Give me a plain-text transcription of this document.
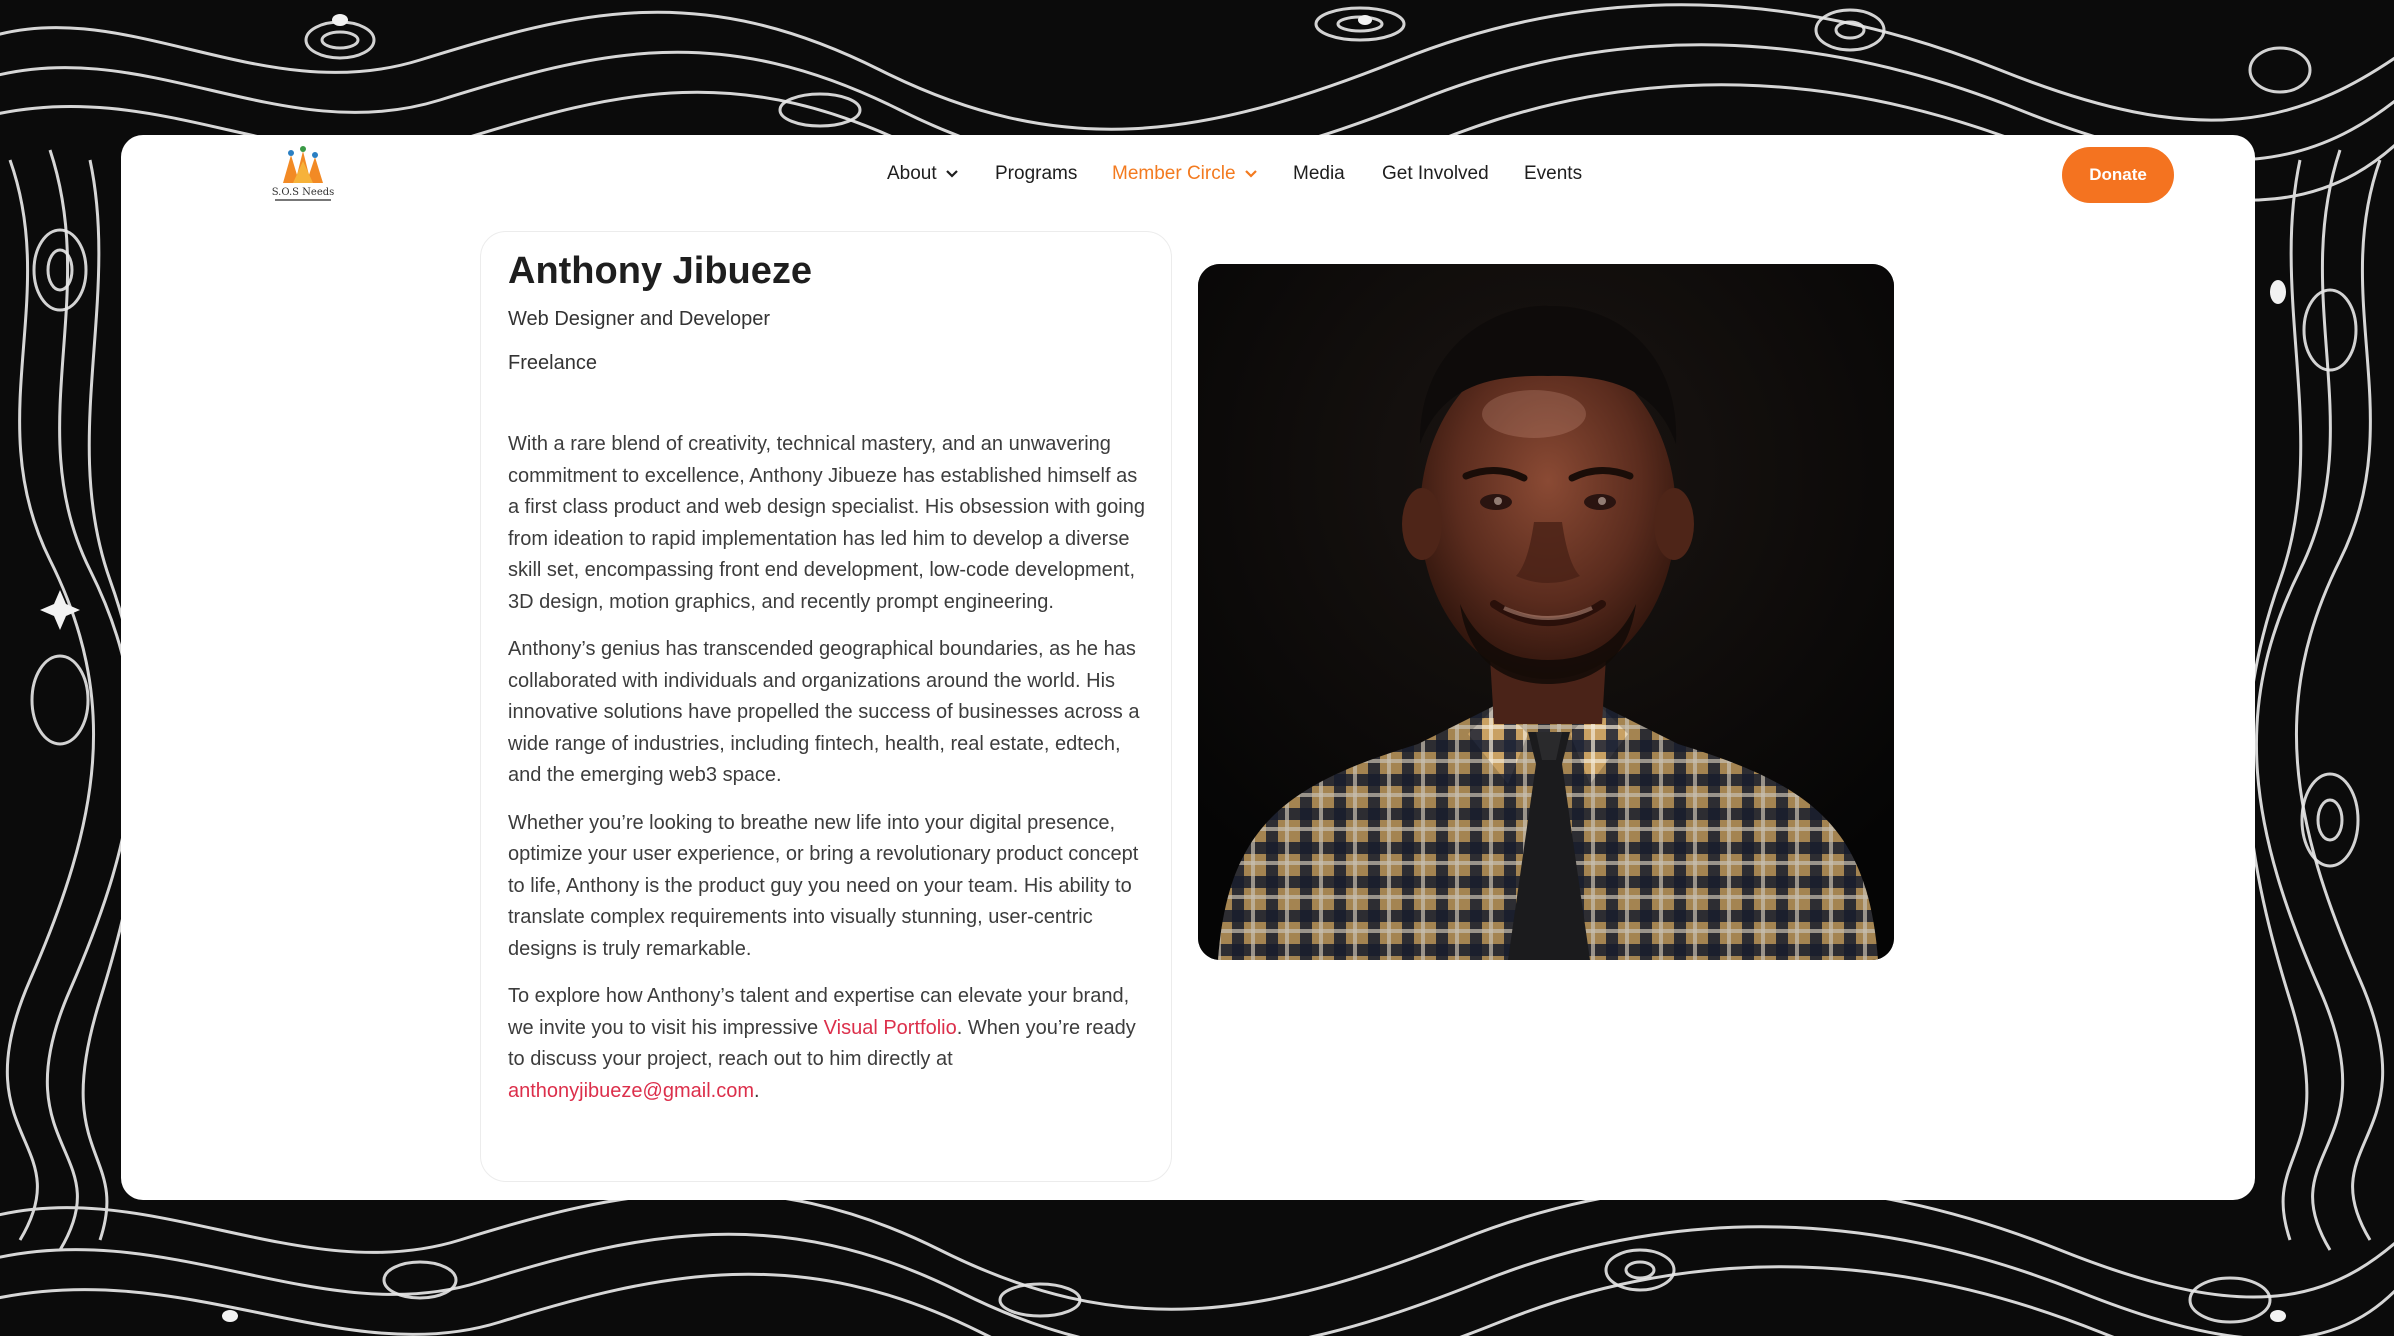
S.O.S Needs
About	Programs Member Circle	Media Get Involved Events	Donate
Anthony Jibueze
Web Designer and Developer
Freelance

With a rare blend of creativity, technical mastery, and an unwavering commitment to excellence, Anthony Jibueze has established himself as a first class product and web design specialist. His obsession with going from ideation to rapid implementation has led him to develop a diverse skill set, encompassing front end development, low-code development, 3D design, motion graphics, and recently prompt engineering.

Anthony’s genius has transcended geographical boundaries, as he has collaborated with individuals and organizations around the world. His innovative solutions have propelled the success of businesses across a wide range of industries, including fintech, health, real estate, edtech, and the emerging web3 space.

Whether you’re looking to breathe new life into your digital presence, optimize your user experience, or bring a revolutionary product concept to life, Anthony is the product guy you need on your team. His ability to translate complex requirements into visually stunning, user-centric designs is truly remarkable.

To explore how Anthony’s talent and expertise can elevate your brand, we invite you to visit his impressive Visual Portfolio. When you’re ready to discuss your project, reach out to him directly at anthonyjibueze@gmail.com.
